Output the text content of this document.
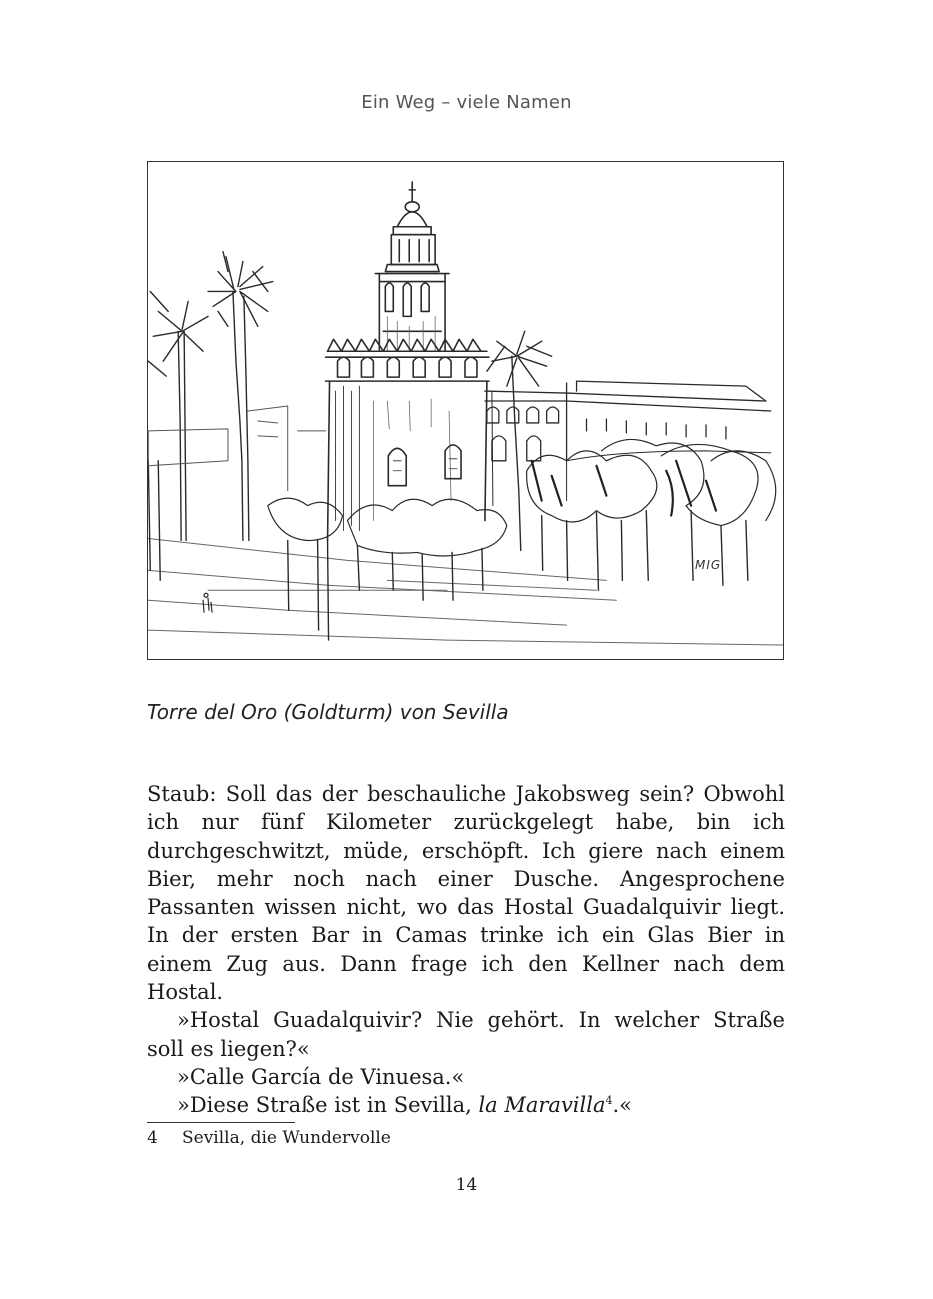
Ein Weg – viele Namen
MIG
Torre del Oro (Goldturm) von Sevilla

Staub: Soll das der beschauliche Jakobsweg sein? Obwohl ich nur fünf Kilometer zurückgelegt habe, bin ich durchgeschwitzt, müde, erschöpft. Ich giere nach einem Bier, mehr noch nach einer Dusche. Angesprochene Passanten wissen nicht, wo das Hostal Guadalquivir liegt. In der ersten Bar in Camas trinke ich ein Glas Bier in einem Zug aus. Dann frage ich den Kellner nach dem Hostal.

»Hostal Guadalquivir? Nie gehört. In welcher Straße soll es liegen?«

»Calle García de Vinuesa.«

»Diese Straße ist in Sevilla, la Maravilla$^4$.«

4 Sevilla, die Wundervolle
14
